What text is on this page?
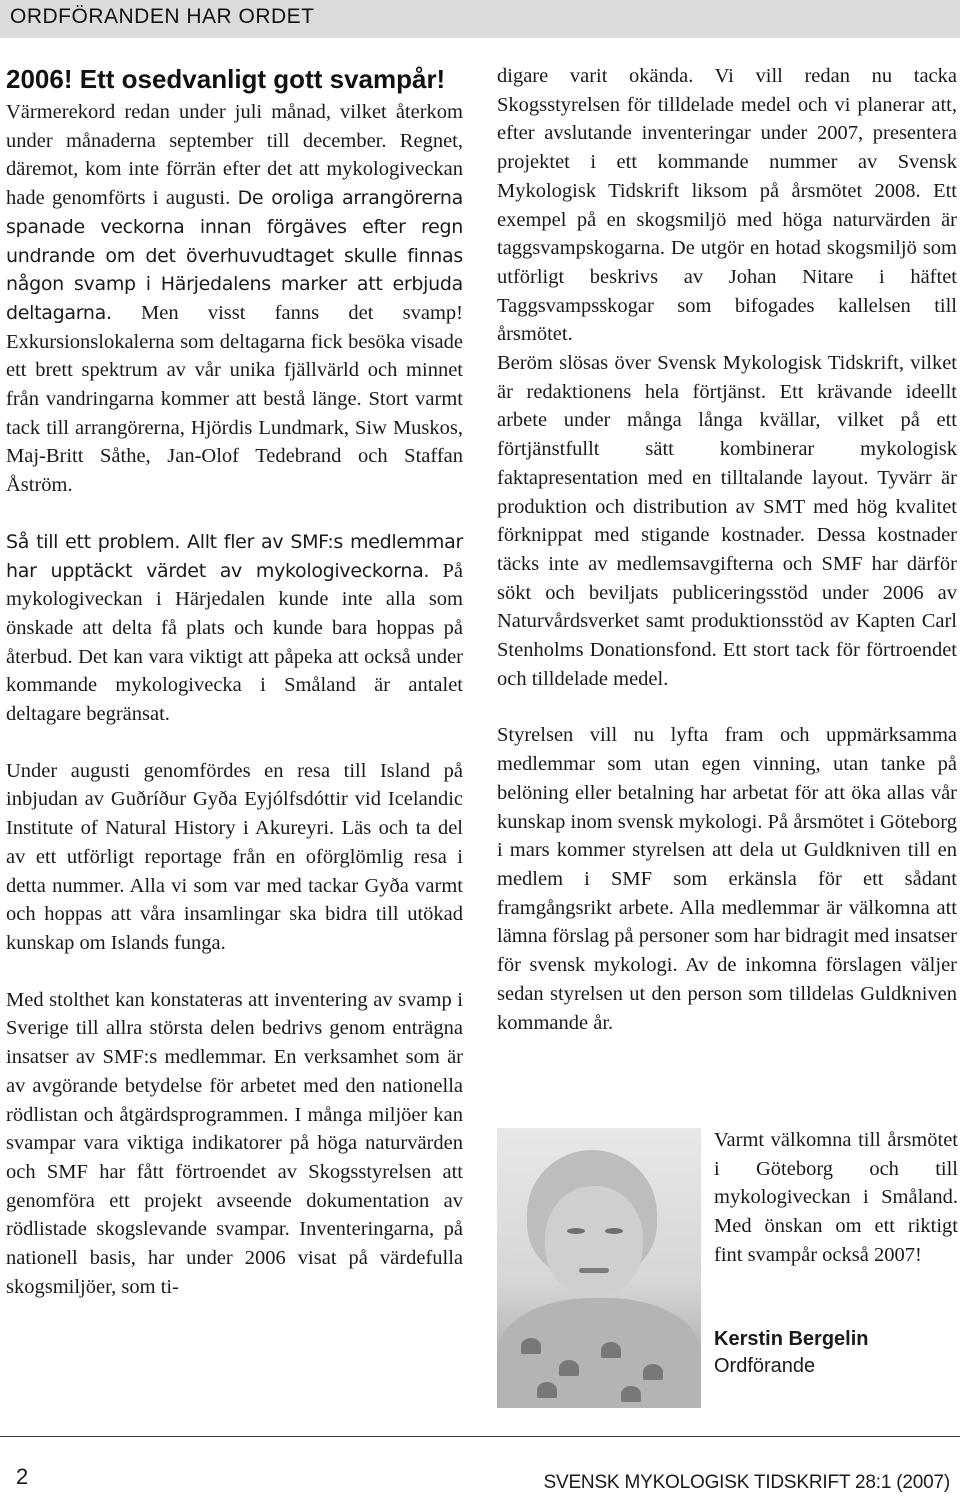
ORDFÖRANDEN HAR ORDET
2006! Ett osedvanligt gott svampår!

Värmerekord redan under juli månad, vilket återkom under månaderna september till december. Regnet, däremot, kom inte förrän efter det att mykologiveckan hade genomförts i augusti. De oroliga arrangörerna spanade veckorna innan förgäves efter regn undrande om det överhuvudtaget skulle finnas någon svamp i Härjedalens marker att erbjuda deltagarna. Men visst fanns det svamp! Exkursionslokalerna som deltagarna fick besöka visade ett brett spektrum av vår unika fjällvärld och minnet från vandringarna kommer att bestå länge. Stort varmt tack till arrangörerna, Hjördis Lundmark, Siw Muskos, Maj-Britt Såthe, Jan-Olof Tedebrand och Staffan Åström.

Så till ett problem. Allt fler av SMF:s medlemmar har upptäckt värdet av mykologiveckorna. På mykologiveckan i Härjedalen kunde inte alla som önskade att delta få plats och kunde bara hoppas på återbud. Det kan vara viktigt att påpeka att också under kommande mykologivecka i Småland är antalet deltagare begränsat.

Under augusti genomfördes en resa till Island på inbjudan av Guðríður Gyða Eyjólfsdóttir vid Icelandic Institute of Natural History i Akureyri. Läs och ta del av ett utförligt reportage från en oförglömlig resa i detta nummer. Alla vi som var med tackar Gyða varmt och hoppas att våra insamlingar ska bidra till utökad kunskap om Islands funga.

Med stolthet kan konstateras att inventering av svamp i Sverige till allra största delen bedrivs genom enträgna insatser av SMF:s medlemmar. En verksamhet som är av avgörande betydelse för arbetet med den nationella rödlistan och åtgärdsprogrammen. I många miljöer kan svampar vara viktiga indikatorer på höga naturvärden och SMF har fått förtroendet av Skogsstyrelsen att genomföra ett projekt avseende dokumentation av rödlistade skogslevande svampar. Inventeringarna, på nationell basis, har under 2006 visat på värdefulla skogsmiljöer, som ti-

digare varit okända. Vi vill redan nu tacka Skogsstyrelsen för tilldelade medel och vi planerar att, efter avslutande inventeringar under 2007, presentera projektet i ett kommande nummer av Svensk Mykologisk Tidskrift liksom på årsmötet 2008. Ett exempel på en skogsmiljö med höga naturvärden är taggsvampskogarna. De utgör en hotad skogsmiljö som utförligt beskrivs av Johan Nitare i häftet Taggsvampsskogar som bifogades kallelsen till årsmötet.

Beröm slösas över Svensk Mykologisk Tidskrift, vilket är redaktionens hela förtjänst. Ett krävande ideellt arbete under många långa kvällar, vilket på ett förtjänstfullt sätt kombinerar mykologisk faktapresentation med en tilltalande layout. Tyvärr är produktion och distribution av SMT med hög kvalitet förknippat med stigande kostnader. Dessa kostnader täcks inte av medlemsavgifterna och SMF har därför sökt och beviljats publiceringsstöd under 2006 av Naturvårdsverket samt produktionsstöd av Kapten Carl Stenholms Donationsfond. Ett stort tack för förtroendet och tilldelade medel.

Styrelsen vill nu lyfta fram och uppmärksamma medlemmar som utan egen vinning, utan tanke på belöning eller betalning har arbetat för att öka allas vår kunskap inom svensk mykologi. På årsmötet i Göteborg i mars kommer styrelsen att dela ut Guldkniven till en medlem i SMF som erkänsla för ett sådant framgångsrikt arbete. Alla medlemmar är välkomna att lämna förslag på personer som har bidragit med insatser för svensk mykologi. Av de inkomna förslagen väljer sedan styrelsen ut den person som tilldelas Guldkniven kommande år.

Varmt välkomna till årsmötet i Göteborg och till mykologiveckan i Småland. Med önskan om ett riktigt fint svampår också 2007!

Kerstin Bergelin
Ordförande
2	SVENSK MYKOLOGISK TIDSKRIFT 28:1 (2007)
